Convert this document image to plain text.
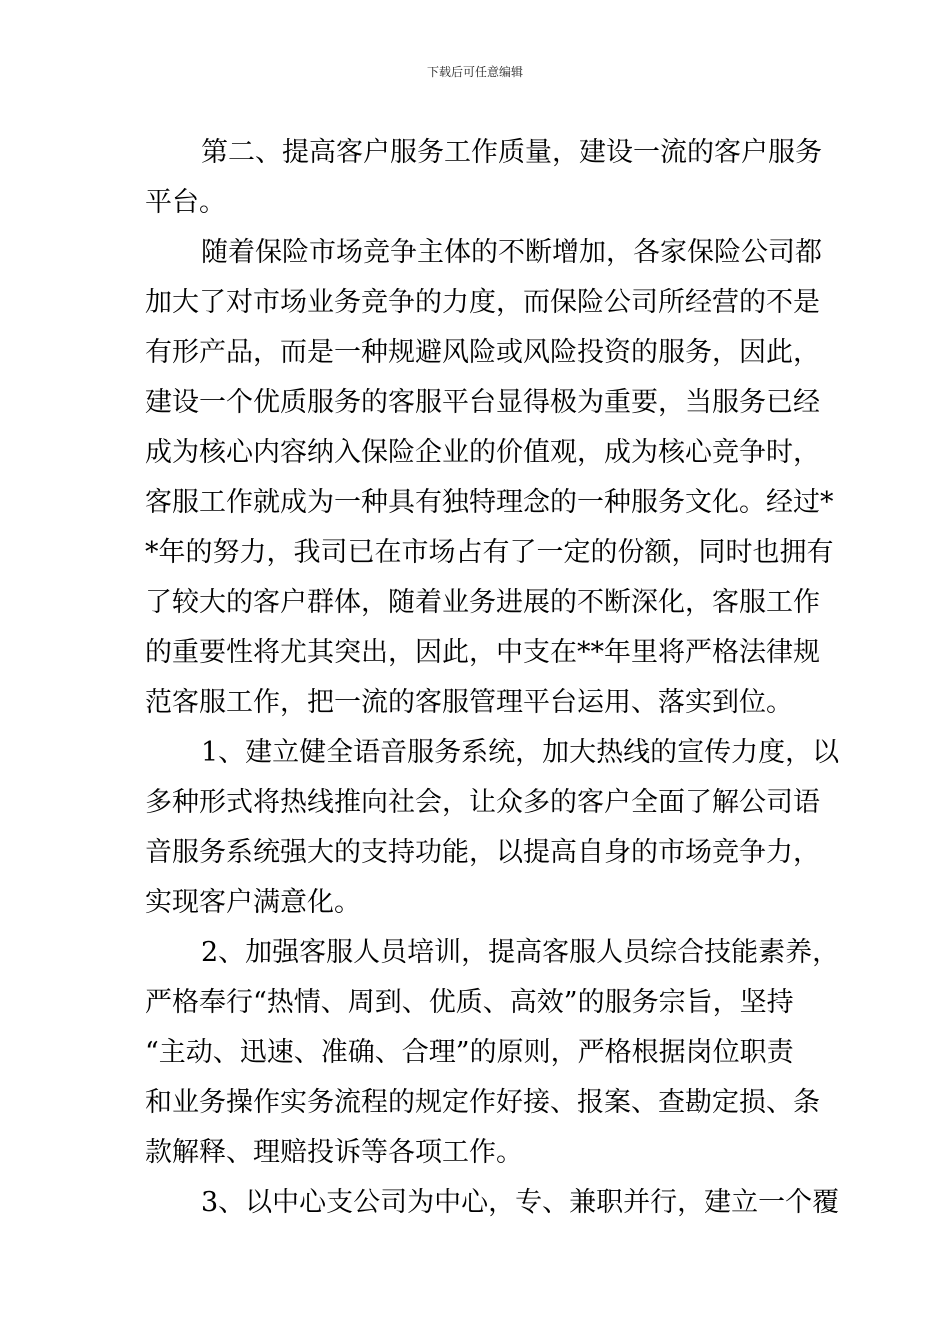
下载后可任意编辑
第二、提高客户服务工作质量，建设一流的客户服务
平台。
随着保险市场竞争主体的不断增加，各家保险公司都
加大了对市场业务竞争的力度，而保险公司所经营的不是
有形产品，而是一种规避风险或风险投资的服务，因此，
建设一个优质服务的客服平台显得极为重要，当服务已经
成为核心内容纳入保险企业的价值观，成为核心竞争时，
客服工作就成为一种具有独特理念的一种服务文化。经过*
*年的努力，我司已在市场占有了一定的份额，同时也拥有
了较大的客户群体，随着业务进展的不断深化，客服工作
的重要性将尤其突出，因此，中支在**年里将严格法律规
范客服工作，把一流的客服管理平台运用、落实到位。
1、建立健全语音服务系统，加大热线的宣传力度，以
多种形式将热线推向社会，让众多的客户全面了解公司语
音服务系统强大的支持功能，以提高自身的市场竞争力，
实现客户满意化。
2、加强客服人员培训，提高客服人员综合技能素养，
严格奉行“热情、周到、优质、高效”的服务宗旨，坚持
“主动、迅速、准确、合理”的原则，严格根据岗位职责
和业务操作实务流程的规定作好接、报案、查勘定损、条
款解释、理赔投诉等各项工作。
3、以中心支公司为中心，专、兼职并行，建立一个覆
